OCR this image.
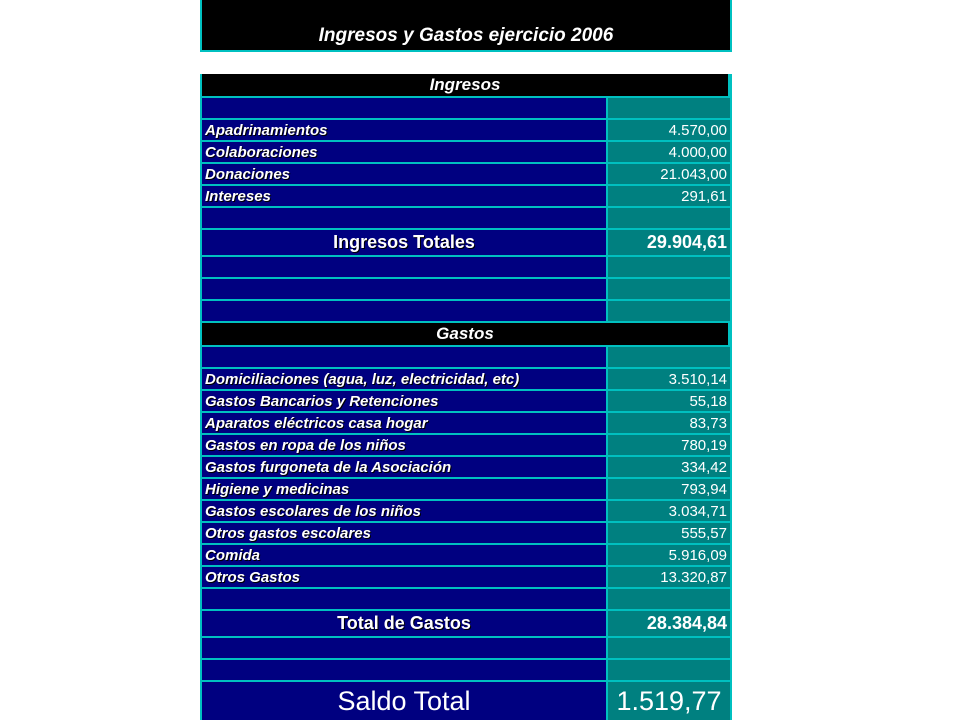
Ingresos y Gastos ejercicio 2006
Ingresos
Apadrinamientos	4.570,00
Colaboraciones	4.000,00
Donaciones	21.043,00
Intereses	291,61
Ingresos Totales	29.904,61
Gastos
Domiciliaciones (agua, luz, electricidad, etc)	3.510,14
Gastos Bancarios y Retenciones	55,18
Aparatos eléctricos casa hogar	83,73
Gastos en ropa de los niños	780,19
Gastos furgoneta de la Asociación	334,42
Higiene y medicinas	793,94
Gastos escolares de los niños	3.034,71
Otros gastos escolares	555,57
Comida	5.916,09
Otros Gastos	13.320,87
Total de Gastos	28.384,84
Saldo Total	1.519,77
